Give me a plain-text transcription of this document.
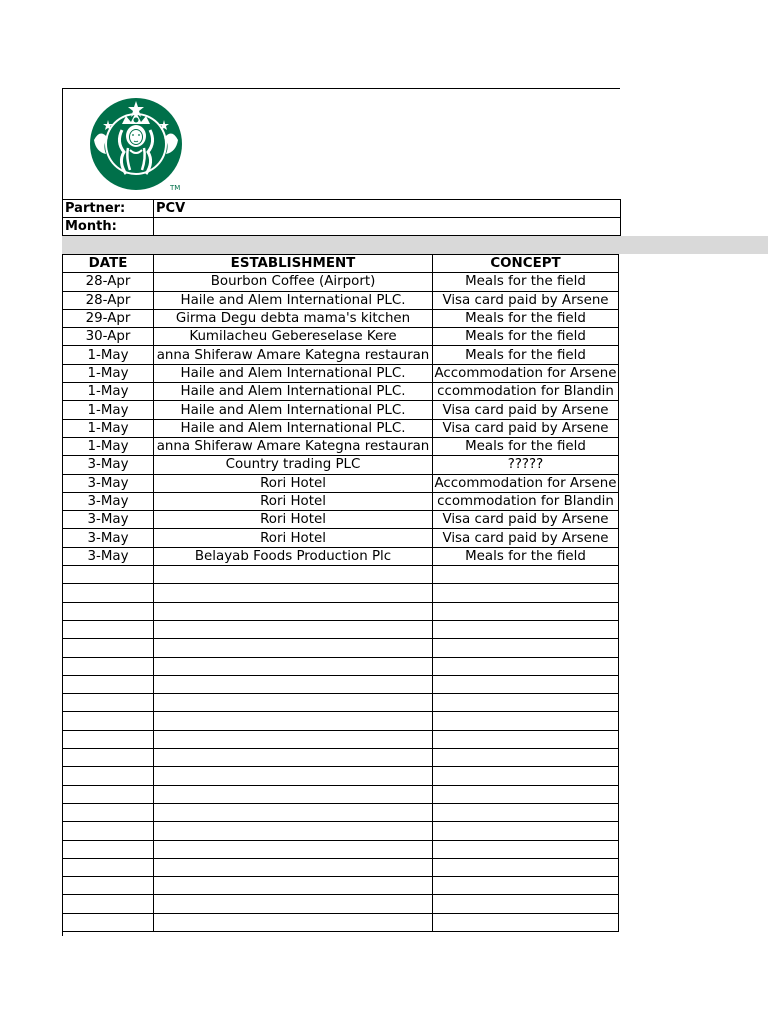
TM
Partner:	PCV
Month:	
DATE	ESTABLISHMENT	CONCEPT
28-Apr	Bourbon Coffee (Airport)	Meals for the field
28-Apr	Haile and Alem International PLC.	Visa card paid by Arsene
29-Apr	Girma Degu debta mama's kitchen	Meals for the field
30-Apr	Kumilacheu Gebereselase Kere	Meals for the field
1-May	anna Shiferaw Amare Kategna restauran	Meals for the field
1-May	Haile and Alem International PLC.	Accommodation for Arsene
1-May	Haile and Alem International PLC.	ccommodation for Blandin
1-May	Haile and Alem International PLC.	Visa card paid by Arsene
1-May	Haile and Alem International PLC.	Visa card paid by Arsene
1-May	anna Shiferaw Amare Kategna restauran	Meals for the field
3-May	Country trading PLC	?????
3-May	Rori Hotel	Accommodation for Arsene
3-May	Rori Hotel	ccommodation for Blandin
3-May	Rori Hotel	Visa card paid by Arsene
3-May	Rori Hotel	Visa card paid by Arsene
3-May	Belayab Foods Production Plc	Meals for the field
